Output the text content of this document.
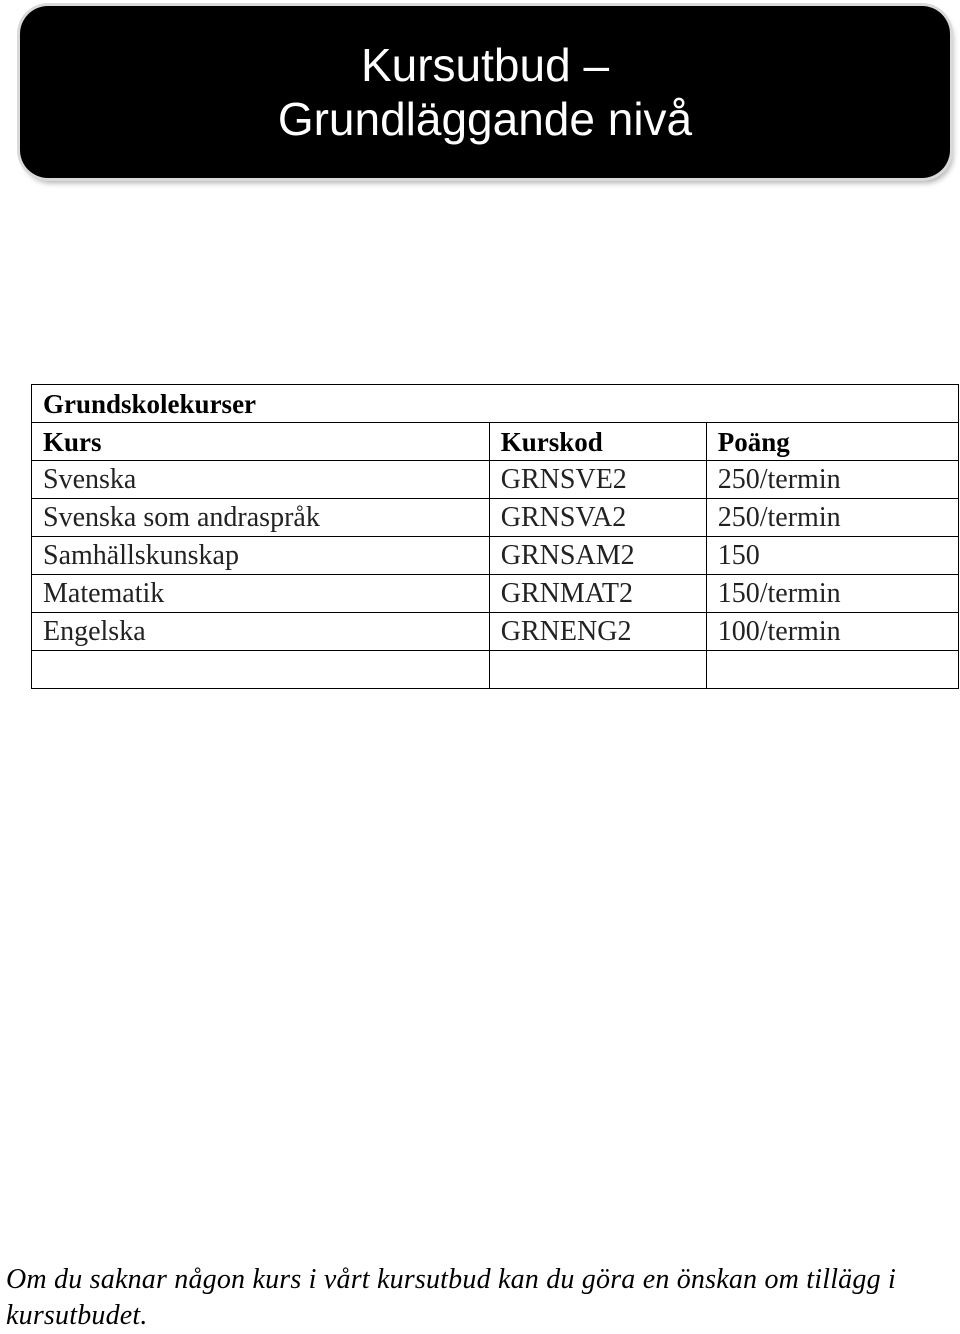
Kursutbud –
Grundläggande nivå
Grundskolekurser		
Kurs	Kurskod	Poäng
Svenska	GRNSVE2	250/termin
Svenska som andraspråk	GRNSVA2	250/termin
Samhällskunskap	GRNSAM2	150
Matematik	GRNMAT2	150/termin
Engelska	GRNENG2	100/termin

Om du saknar någon kurs i vårt kursutbud kan du göra en önskan om tillägg i kursutbudet.
